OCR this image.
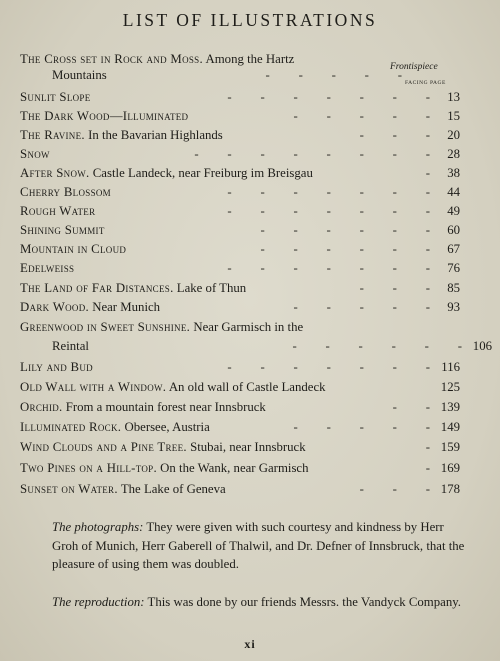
LIST OF ILLUSTRATIONS
Frontispiece
FACING PAGE
The Cross set in Rock and Moss. Among the Hartz
Mountains	-         -         -         -         -
Sunlit Slope	-         -         -         -         -         -         -	13
The Dark Wood—Illuminated	-         -         -         -         -	15
The Ravine. In the Bavarian Highlands	-         -         -	20
Snow	-         -         -         -         -         -         -         -	28
After Snow. Castle Landeck, near Freiburg im Breisgau	-	38
Cherry Blossom	-         -         -         -         -         -         -	44
Rough Water	-         -         -         -         -         -         -	49
Shining Summit	-         -         -         -         -         -	60
Mountain in Cloud	-         -         -         -         -         -	67
Edelweiss	-         -         -         -         -         -         -	76
The Land of Far Distances. Lake of Thun	-         -         -	85
Dark Wood. Near Munich	-         -         -         -         -	93
Greenwood in Sweet Sunshine. Near Garmisch in the
Reintal	-         -         -         -         -         - 106
Lily and Bud	-         -         -         -         -         -         - 116
Old Wall with a Window. An old wall of Castle Landeck	125
Orchid. From a mountain forest near Innsbruck	-         - 139
Illuminated Rock. Obersee, Austria	-         -         -         -         - 149
Wind Clouds and a Pine Tree. Stubai, near Innsbruck	- 159
Two Pines on a Hill-top. On the Wank, near Garmisch	- 169
Sunset on Water. The Lake of Geneva	-         -         - 178

The photographs: They were given with such courtesy and kindness by Herr Groh of Munich, Herr Gaberell of Thalwil, and Dr. Defner of Innsbruck, that the pleasure of using them was doubled.

The reproduction: This was done by our friends Messrs. the Vandyck Company.

xi
